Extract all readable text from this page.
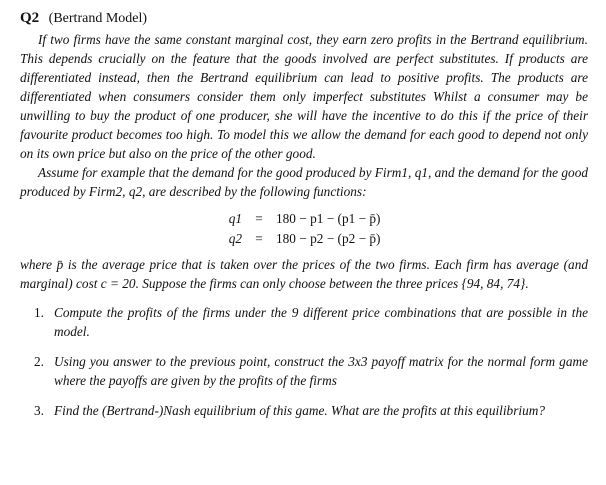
Q2 (Bertrand Model)

If two firms have the same constant marginal cost, they earn zero profits in the Bertrand equilibrium. This depends crucially on the feature that the goods involved are perfect substitutes. If products are differentiated instead, then the Bertrand equilibrium can lead to positive profits. The products are differentiated when consumers consider them only imperfect substitutes Whilst a consumer may be unwilling to buy the product of one producer, she will have the incentive to do this if the price of their favourite product becomes too high. To model this we allow the demand for each good to depend not only on its own price but also on the price of the other good.

Assume for example that the demand for the good produced by Firm1, q1, and the demand for the good produced by Firm2, q2, are described by the following functions:

q1 = 180 − p1 − (p1 − p̄)
q2 = 180 − p2 − (p2 − p̄)

where p̄ is the average price that is taken over the prices of the two firms. Each firm has average (and marginal) cost c = 20. Suppose the firms can only choose between the three prices {94, 84, 74}.

1. Compute the profits of the firms under the 9 different price combinations that are possible in the model.
2. Using you answer to the previous point, construct the 3x3 payoff matrix for the normal form game where the payoffs are given by the profits of the firms
3. Find the (Bertrand-)Nash equilibrium of this game. What are the profits at this equilibrium?
